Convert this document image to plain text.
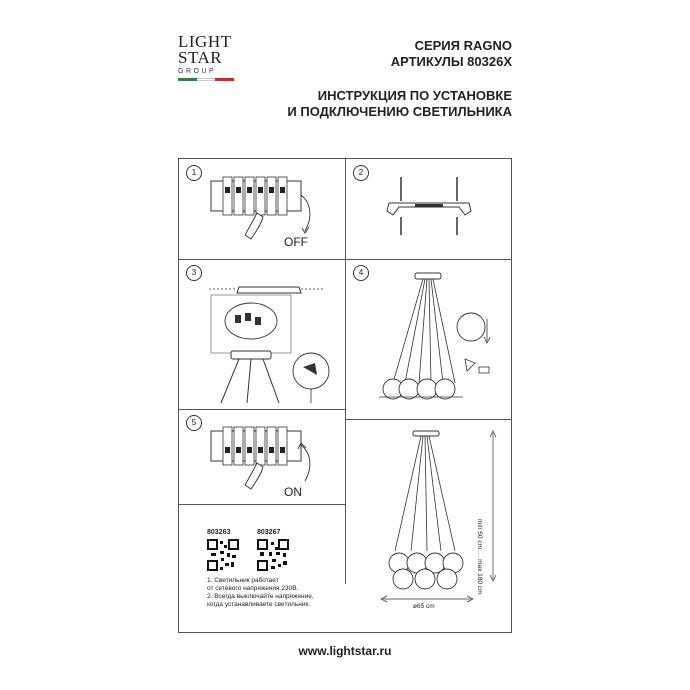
LIGHT
STAR
GROUP
СЕРИЯ RAGNO
АРТИКУЛЫ 80326X
ИНСТРУКЦИЯ ПО УСТАНОВКЕ
И ПОДКЛЮЧЕНИЮ СВЕТИЛЬНИКА
1	2
3	4
5
OFF
ON
min 50 cm … max 180 cm
ø65 cm
803263	803267
1. Светильник работает
от сетевого напряжения 230В.
2. Всегда выключайте напряжение,
когда устанавливаете светильник.
www.lightstar.ru
